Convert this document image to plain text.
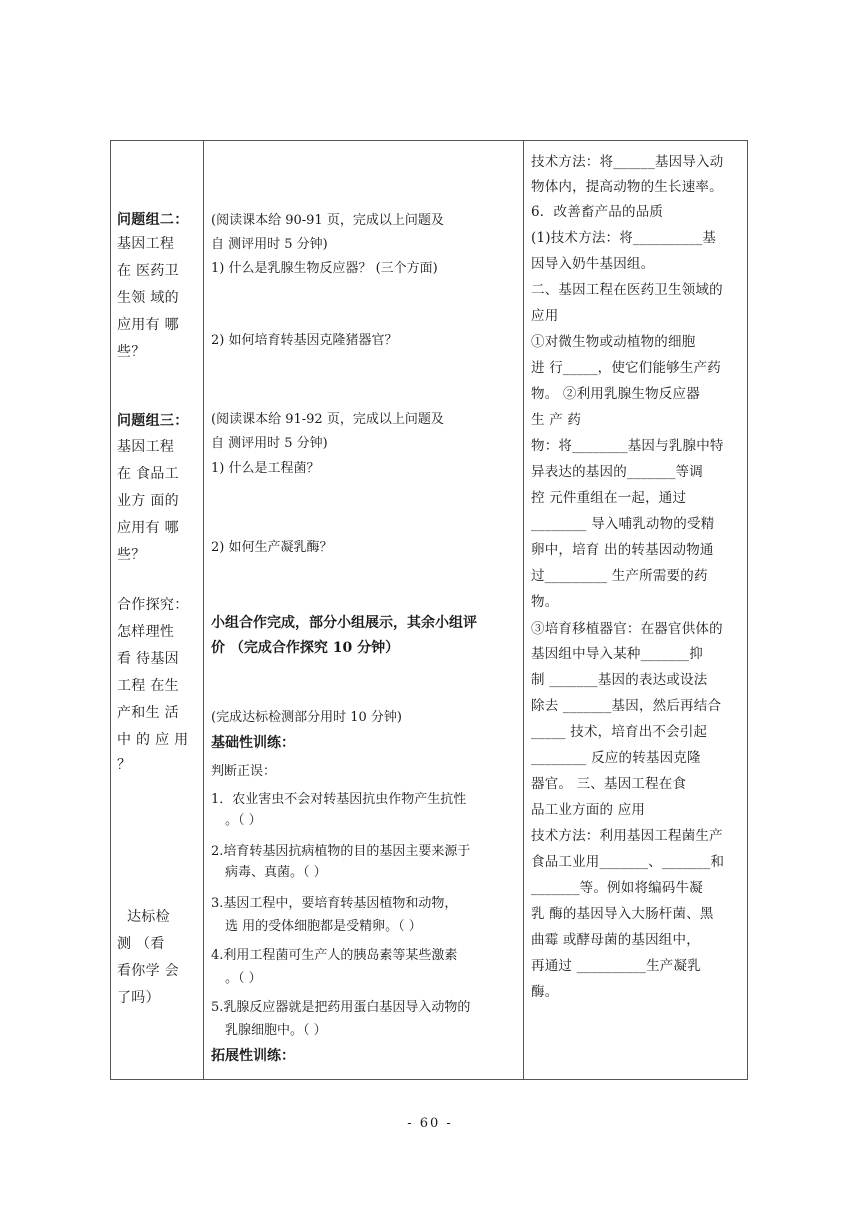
问题组二：
基因工程
在 医药卫
生领 域的
应用有 哪
些？
问题组三：
基因工程
在 食品工
业方 面的
应用有 哪
些？
合作探究：
怎样理性
看 待基因
工程 在生
产和生 活
中 的 应 用
？
达标检
测 （看
看你学 会
了吗）
(阅读课本给 90-91 页，完成以上问题及
自 测评用时 5 分钟)
1) 什么是乳腺生物反应器？ (三个方面)
2) 如何培育转基因克隆猪器官？
(阅读课本给 91-92 页，完成以上问题及
自 测评用时 5 分钟)
1) 什么是工程菌？
2) 如何生产凝乳酶？
小组合作完成，部分小组展示，其余小组评
价 （完成合作探究 10 分钟）
(完成达标检测部分用时 10 分钟)
基础性训练：
判断正误：
1．农业害虫不会对转基因抗虫作物产生抗性
。（ ）
2.培育转基因抗病植物的目的基因主要来源于
病毒、真菌。（ ）
3.基因工程中，要培育转基因植物和动物，
选 用的受体细胞都是受精卵。（ ）
4.利用工程菌可生产人的胰岛素等某些激素
。（ ）
5.乳腺反应器就是把药用蛋白基因导入动物的
乳腺细胞中。（ ）
拓展性训练：
技术方法：将______基因导入动
物体内，提高动物的生长速率。
6．改善畜产品的品质
(1)技术方法：将__________基
因导入奶牛基因组。
二、基因工程在医药卫生领域的
应用
①对微生物或动植物的细胞
进 行_____，使它们能够生产药
物。 ②利用乳腺生物反应器
生 产 药
物：将________基因与乳腺中特
异表达的基因的_______等调
控 元件重组在一起，通过
________ 导入哺乳动物的受精
卵中，培育 出的转基因动物通
过_________ 生产所需要的药
物。
③培育移植器官：在器官供体的
基因组中导入某种_______抑
制 _______基因的表达或设法
除去 _______基因，然后再结合
_____ 技术，培育出不会引起
________ 反应的转基因克隆
器官。 三、基因工程在食
品工业方面的 应用
技术方法：利用基因工程菌生产
食品工业用_______、_______和
_______等。例如将编码牛凝
乳 酶的基因导入大肠杆菌、黑
曲霉 或酵母菌的基因组中，
再通过 __________生产凝乳
酶。
- 60 -
